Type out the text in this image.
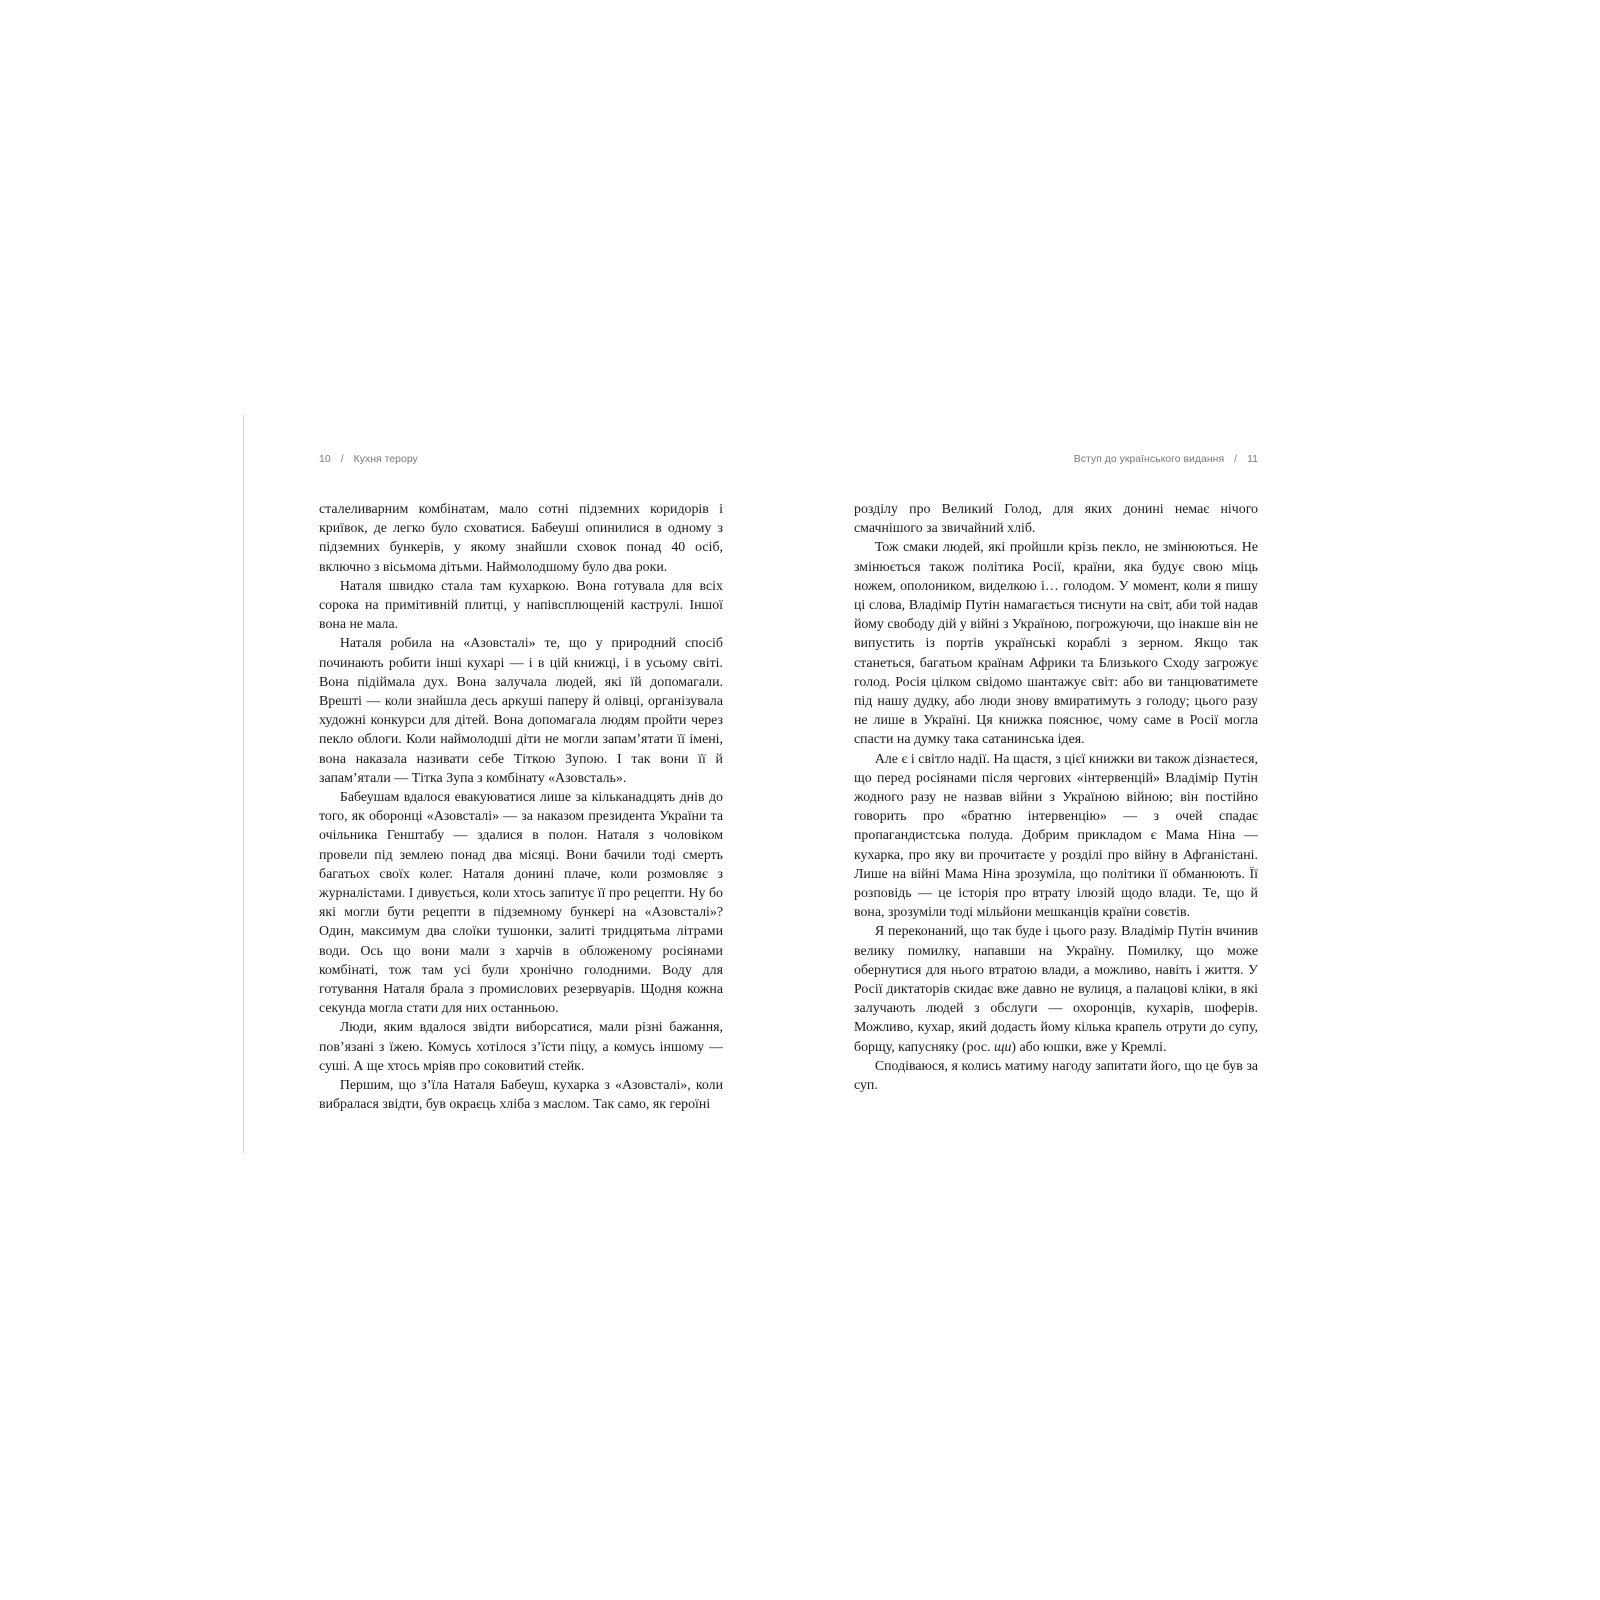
10 / Кухня терору

сталеливарним комбінатам, мало сотні підземних коридорів і криївок, де легко було сховатися. Бабеуші опинилися в одному з підземних бункерів, у якому знайшли сховок понад 40 осіб, включно з вісьмома дітьми. Наймолодшому було два роки.

Наталя швидко стала там кухаркою. Вона готувала для всіх сорока на примітивній плитці, у напівсплющеній каструлі. Іншої вона не мала.

Наталя робила на «Азовсталі» те, що у природний спосіб починають робити інші кухарі — і в цій книжці, і в усьому світі. Вона підіймала дух. Вона залучала людей, які їй допомагали. Врешті — коли знайшла десь аркуші паперу й олівці, організувала художні конкурси для дітей. Вона допомагала людям пройти через пекло облоги. Коли наймолодші діти не могли запам’ятати її імені, вона наказала називати себе Тіткою Зупою. І так вони її й запам’ятали — Тітка Зупа з комбінату «Азовсталь».

Бабеушам вдалося евакуюватися лише за кільканадцять днів до того, як оборонці «Азовсталі» — за наказом президента України та очільника Генштабу — здалися в полон. Наталя з чоловіком провели під землею понад два місяці. Вони бачили тоді смерть багатьох своїх колег. Наталя донині плаче, коли розмовляє з журналістами. І дивується, коли хтось запитує її про рецепти. Ну бо які могли бути рецепти в підземному бункері на «Азовсталі»? Один, максимум два слоїки тушонки, залиті тридцятьма літрами води. Ось що вони мали з харчів в обложеному росіянами комбінаті, тож там усі були хронічно голодними. Воду для готування Наталя брала з промислових резервуарів. Щодня кожна секунда могла стати для них останньою.

Люди, яким вдалося звідти виборсатися, мали різні бажання, пов’язані з їжею. Комусь хотілося з’їсти піцу, а комусь іншому — суші. А ще хтось мріяв про соковитий стейк.

Першим, що з’їла Наталя Бабеуш, кухарка з «Азовсталі», коли вибралася звідти, був окраєць хліба з маслом. Так само, як героїні

Вступ до українського видання / 11

розділу про Великий Голод, для яких донині немає нічого смачнішого за звичайний хліб.

Тож смаки людей, які пройшли крізь пекло, не змінюються. Не змінюється також політика Росії, країни, яка будує свою міць ножем, ополоником, виделкою і… голодом. У момент, коли я пишу ці слова, Владімір Путін намагається тиснути на світ, аби той надав йому свободу дій у війні з Україною, погрожуючи, що інакше він не випустить із портів українські кораблі з зерном. Якщо так станеться, багатьом країнам Африки та Близького Сходу загрожує голод. Росія цілком свідомо шантажує світ: або ви танцюватимете під нашу дудку, або люди знову вмиратимуть з голоду; цього разу не лише в Україні. Ця книжка пояснює, чому саме в Росії могла спасти на думку така сатанинська ідея.

Але є і світло надії. На щастя, з цієї книжки ви також дізнаєтеся, що перед росіянами після чергових «інтервенцій» Владімір Путін жодного разу не назвав війни з Україною війною; він постійно говорить про «братню інтервенцію» — з очей спадає пропагандистська полуда. Добрим прикладом є Мама Ніна — кухарка, про яку ви прочитаєте у розділі про війну в Афганістані. Лише на війні Мама Ніна зрозуміла, що політики її обманюють. Її розповідь — це історія про втрату ілюзій щодо влади. Те, що й вона, зрозуміли тоді мільйони мешканців країни совєтів.

Я переконаний, що так буде і цього разу. Владімір Путін вчинив велику помилку, напавши на Україну. Помилку, що може обернутися для нього втратою влади, а можливо, навіть і життя. У Росії диктаторів скидає вже давно не вулиця, а палацові кліки, в які залучають людей з обслуги — охоронців, кухарів, шоферів. Можливо, кухар, який додасть йому кілька крапель отрути до супу, борщу, капусняку (рос. щи) або юшки, вже у Кремлі.

Сподіваюся, я колись матиму нагоду запитати його, що це був за суп.
